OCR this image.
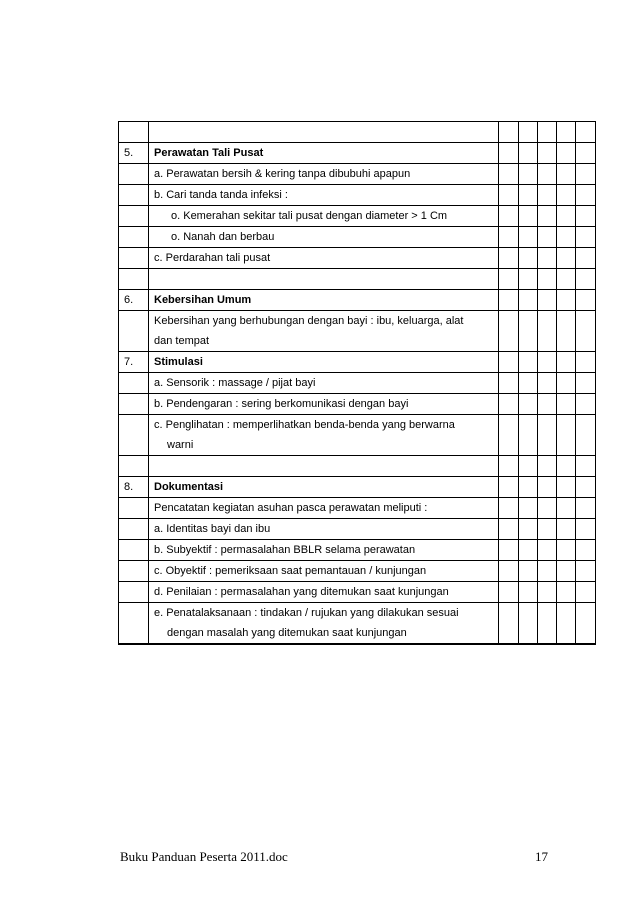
5.	Perawatan Tali Pusat					
	a. Perawatan bersih & kering tanpa dibubuhi apapun					
	b. Cari tanda tanda infeksi :					
	o. Kemerahan sekitar tali pusat dengan diameter > 1 Cm					
	o. Nanah dan berbau					
	c. Perdarahan tali pusat					

6.	Kebersihan Umum					

	Kebersihan yang berhubungan dengan bayi : ibu, keluarga, alat
dan tempat					

7.	Stimulasi					
	a. Sensorik : massage / pijat bayi					
	b. Pendengaran : sering berkomunikasi dengan bayi					

	c. Penglihatan : memperlihatkan benda-benda yang berwarna
warni					

8.	Dokumentasi					
	Pencatatan kegiatan asuhan pasca perawatan meliputi :					
	a. Identitas bayi dan ibu					
	b. Subyektif : permasalahan BBLR selama perawatan					
	c. Obyektif : pemeriksaan saat pemantauan / kunjungan					
	d. Penilaian : permasalahan yang ditemukan saat kunjungan					

	e. Penatalaksanaan : tindakan / rujukan yang dilakukan sesuai
dengan masalah yang ditemukan saat kunjungan					

Buku Panduan Peserta 2011.doc	17
